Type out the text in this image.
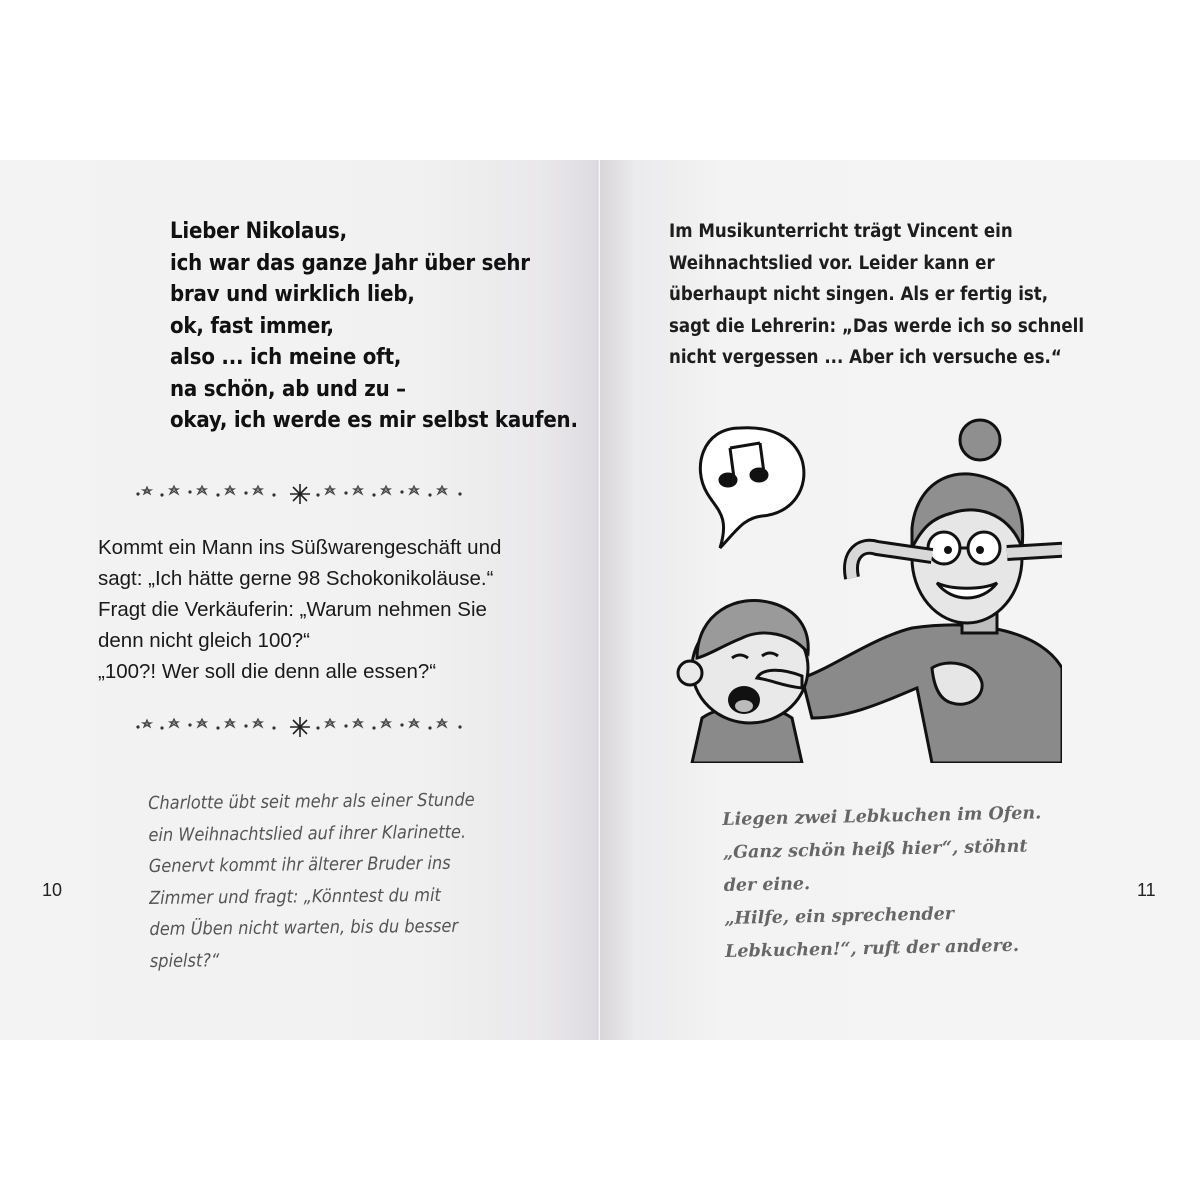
Lieber Nikolaus,
ich war das ganze Jahr über sehr
brav und wirklich lieb,
ok, fast immer,
also ... ich meine oft,
na schön, ab und zu –
okay, ich werde es mir selbst kaufen.
Kommt ein Mann ins Süßwarengeschäft und
sagt: „Ich hätte gerne 98 Schokonikoläuse.“
Fragt die Verkäuferin: „Warum nehmen Sie
denn nicht gleich 100?“
„100?! Wer soll die denn alle essen?“
Charlotte übt seit mehr als einer Stunde
ein Weihnachtslied auf ihrer Klarinette.
Genervt kommt ihr älterer Bruder ins
Zimmer und fragt: „Könntest du mit
dem Üben nicht warten, bis du besser
spielst?“
10	11
Im Musikunterricht trägt Vincent ein
Weihnachtslied vor. Leider kann er
überhaupt nicht singen. Als er fertig ist,
sagt die Lehrerin: „Das werde ich so schnell
nicht vergessen ... Aber ich versuche es.“
Liegen zwei Lebkuchen im Ofen.
„Ganz schön heiß hier“, stöhnt
der eine.
„Hilfe, ein sprechender
Lebkuchen!“, ruft der andere.
